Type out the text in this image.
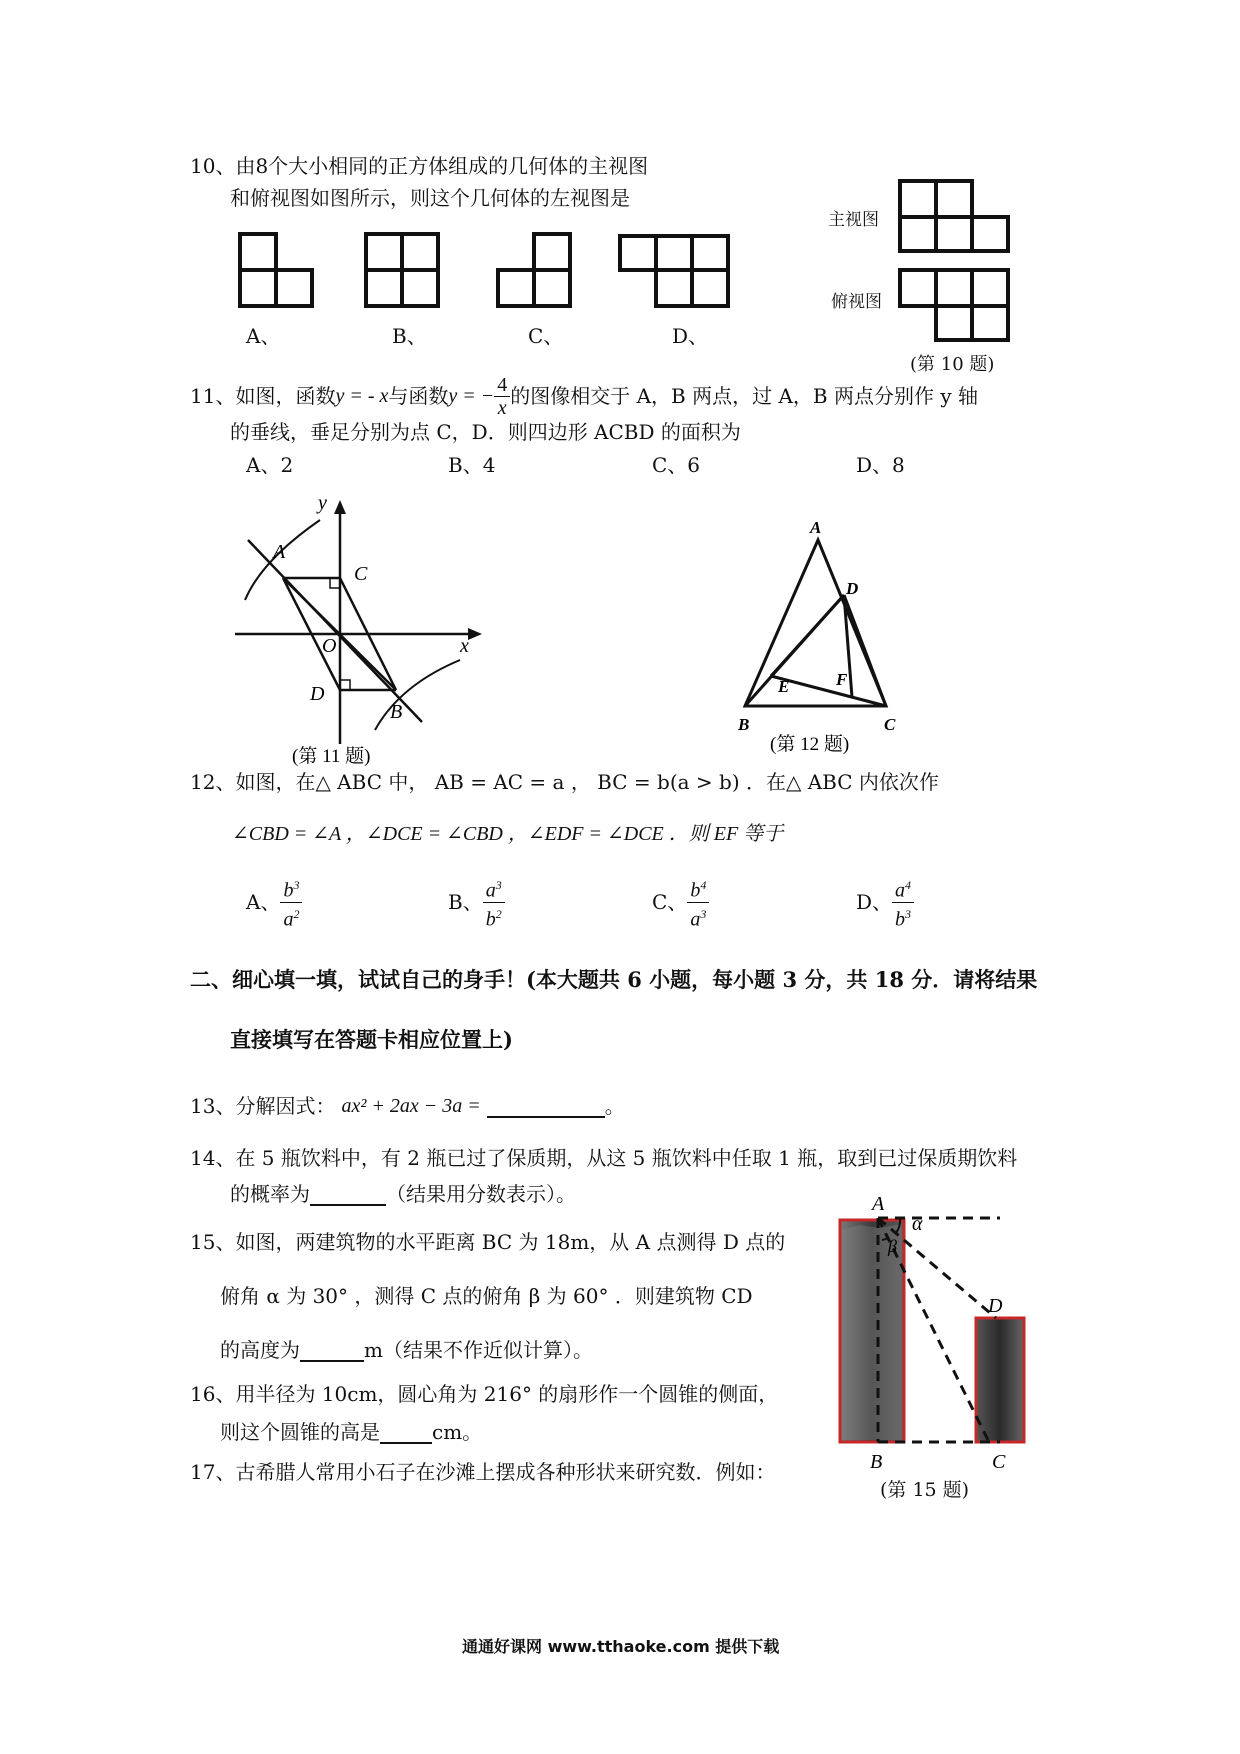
10、由8个大小相同的正方体组成的几何体的主视图
和俯视图如图所示，则这个几何体的左视图是
A、	B、	C、	D、
主视图
俯视图
(第 10 题)
11、如图，函数 y = - x 与函数 y = − $\frac{4}{x}$ 的图像相交于 A，B 两点，过 A，B 两点分别作 y 轴
的垂线，垂足分别为点 C，D．则四边形 ACBD 的面积为
A、2	B、4	C、6	D、8
y
x
A
C
O
D
B
(第 11 题)
A
D
E	F
B	C
(第 12 题)
12、如图，在△ ABC 中， AB = AC = a ， BC = b(a > b) ．在△ ABC 内依次作
∠CBD = ∠A ，∠DCE = ∠CBD ，∠EDF = ∠DCE ．则 EF 等于
A、 $\frac{b^3}{a^2}$	B、 $\frac{a^3}{b^2}$	C、 $\frac{b^4}{a^3}$	D、 $\frac{a^4}{b^3}$
二、细心填一填，试试自己的身手！(本大题共 6 小题，每小题 3 分，共 18 分．请将结果
直接填写在答题卡相应位置上)
13、分解因式： ax² + 2ax − 3a =	。
14、在 5 瓶饮料中，有 2 瓶已过了保质期，从这 5 瓶饮料中任取 1 瓶，取到已过保质期饮料
的概率为	（结果用分数表示）。
15、如图，两建筑物的水平距离 BC 为 18m，从 A 点测得 D 点的
俯角 α 为 30° ，测得 C 点的俯角 β 为 60° ．则建筑物 CD
的高度为	m（结果不作近似计算）。
A
α
β
D
B	C
(第 15 题)
16、用半径为 10cm，圆心角为 216° 的扇形作一个圆锥的侧面，
则这个圆锥的高是	cm。
17、古希腊人常用小石子在沙滩上摆成各种形状来研究数．例如：
通通好课网 www.tthaoke.com 提供下载
